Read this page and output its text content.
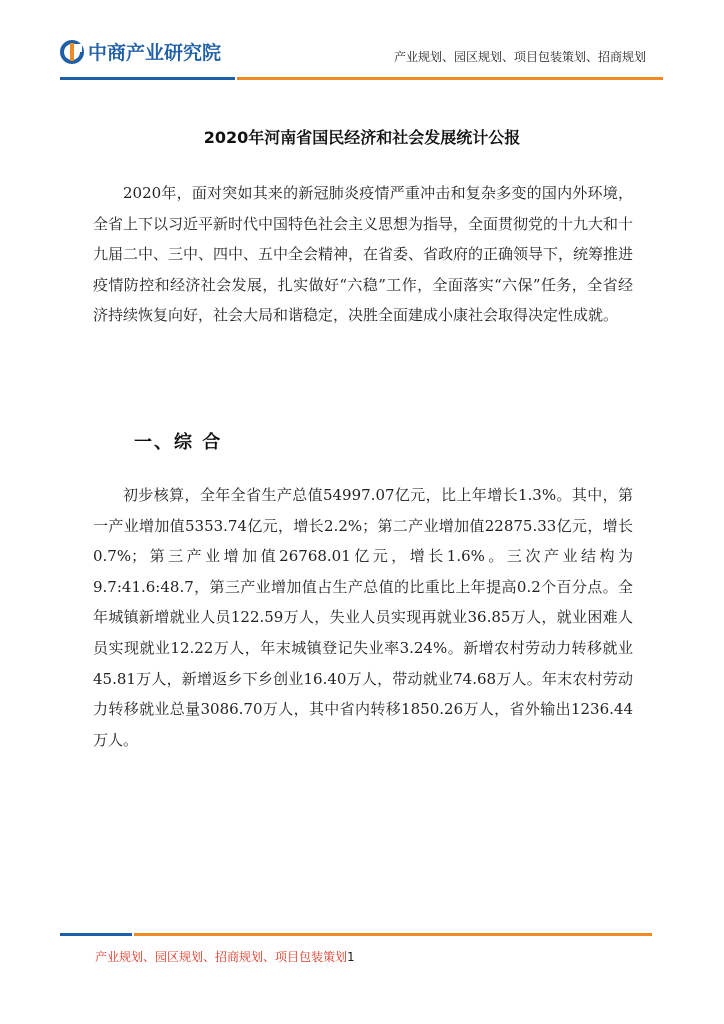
中商产业研究院	产业规划、园区规划、项目包装策划、招商规划
2020年河南省国民经济和社会发展统计公报

2020年，面对突如其来的新冠肺炎疫情严重冲击和复杂多变的国内外环境，全省上下以习近平新时代中国特色社会主义思想为指导，全面贯彻党的十九大和十九届二中、三中、四中、五中全会精神，在省委、省政府的正确领导下，统筹推进疫情防控和经济社会发展，扎实做好“六稳”工作，全面落实“六保”任务，全省经济持续恢复向好，社会大局和谐稳定，决胜全面建成小康社会取得决定性成就。

一、综 合

初步核算，全年全省生产总值54997.07亿元，比上年增长1.3%。其中，第一产业增加值5353.74亿元，增长2.2%；第二产业增加值22875.33亿元，增长0.7%；第三产业增加值26768.01亿元，增长1.6%。三次产业结构为9.7:41.6:48.7，第三产业增加值占生产总值的比重比上年提高0.2个百分点。全年城镇新增就业人员122.59万人，失业人员实现再就业36.85万人，就业困难人员实现就业12.22万人，年末城镇登记失业率3.24%。新增农村劳动力转移就业45.81万人，新增返乡下乡创业16.40万人，带动就业74.68万人。年末农村劳动力转移就业总量3086.70万人，其中省内转移1850.26万人，省外输出1236.44万人。

产业规划、园区规划、招商规划、项目包装策划1
